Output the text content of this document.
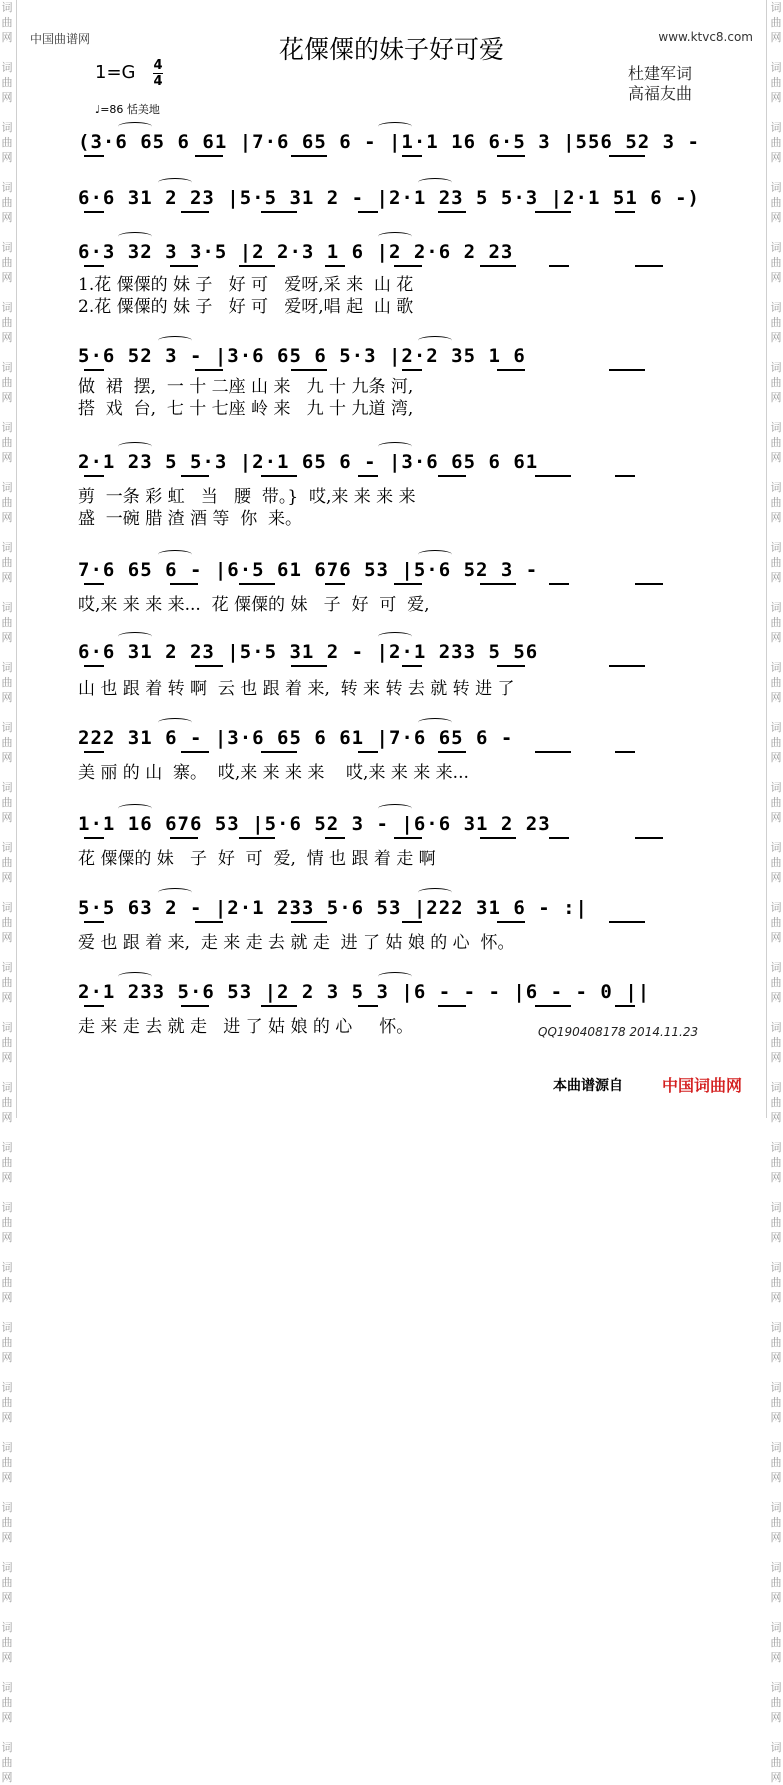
词
曲
网

词
曲
网

词
曲
网

词
曲
网

词
曲
网

词
曲
网

词
曲
网

词
曲
网

词
曲
网

词
曲
网

词
曲
网

词
曲
网

词
曲
网

词
曲
网

词
曲
网

词
曲
网

词
曲
网

词
曲
网

词
曲
网

词
曲
网

词
曲
网

词
曲
网

词
曲
网

词
曲
网

词
曲
网

词
曲
网

词
曲
网

词
曲
网

词
曲
网

词
曲
网

词
曲
网

词
曲
网

词
曲
网

词
曲
网

词
曲
网

词
曲
网

词
曲
网

词
曲
网

词
曲
网

词
曲
网

词
曲
网

词
曲
网

词
曲
网

词
曲
网

词
曲
网

词
曲
网

词
曲
网

词
曲
网

词
曲
网

词
曲
网

词
曲
网

词
曲
网

词
曲
网

词
曲
网

词
曲
网

词
曲
网

词
曲
网

词
曲
网

词
曲
网

词
曲
网

中国曲谱网	www.ktvc8.com
花僳僳的妹子好可爱
1=G 4
4
♩=86 恬美地
杜建军词
高福友曲
(3·6 65 6 61 |7·6 65 6 - |1·1 16 6·5 3 |556 52 3 -
6·6 31 2 23 |5·5 31 2 - |2·1 23 5 5·3 |2·1 51 6 -)
6·3 32 3 3·5 |2 2·3 1 6 |2 2·6 2 23
1.花 僳僳的 妹 子   好 可   爱呀,采 来  山 花
2.花 僳僳的 妹 子   好 可   爱呀,唱 起  山 歌
5·6 52 3 - |3·6 65 6 5·3 |2·2 35 1 6
做  裙  摆,  一 十 二座 山 来   九 十 九条 河,
搭  戏  台,  七 十 七座 岭 来   九 十 九道 湾,
2·1 23 5 5·3 |2·1 65 6 - |3·6 65 6 61
剪  一条 彩 虹   当   腰  带。}  哎,来 来 来 来
盛  一碗 腊 渣 酒 等  你  来。
7·6 65 6 - |6·5 61 676 53 |5·6 52 3 -
哎,来 来 来 来...  花 僳僳的 妹   子  好  可  爱,
6·6 31 2 23 |5·5 31 2 - |2·1 233 5 56
山 也 跟 着 转 啊  云 也 跟 着 来,  转 来 转 去 就 转 进 了
222 31 6 - |3·6 65 6 61 |7·6 65 6 -
美 丽 的 山  寨。  哎,来 来 来 来    哎,来 来 来 来...
1·1 16 676 53 |5·6 52 3 - |6·6 31 2 23
花 僳僳的 妹   子  好  可  爱,  情 也 跟 着 走 啊
5·5 63 2 - |2·1 233 5·6 53 |222 31 6 - :|
爱 也 跟 着 来,  走 来 走 去 就 走  进 了 姑 娘 的 心  怀。
2·1 233 5·6 53 |2 2 3 5 3 |6 - - - |6 - - 0 ||
走 来 走 去 就 走   进 了 姑 娘 的 心     怀。	QQ190408178 2014.11.23
本曲谱源自 中国词曲网
